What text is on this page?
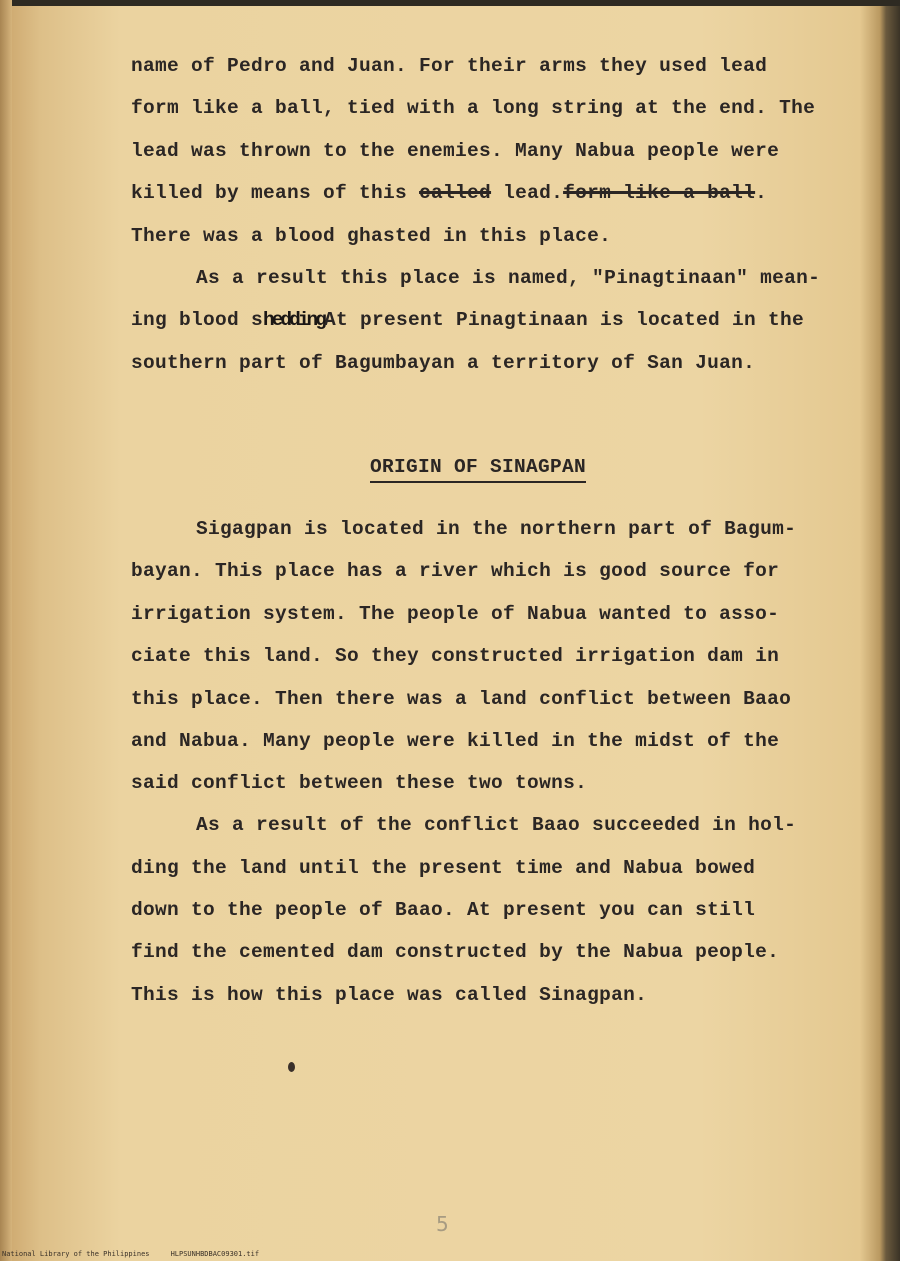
name of Pedro and Juan. For their arms they used lead

form like a ball, tied with a long string at the end. The

lead was thrown to the enemies. Many Nabua people were

killed by means of this called lead.form like a ball.

There was a blood ghasted in this place.

As a result this place is named, "Pinagtinaan" mean-

ing blood sheddingAt present Pinagtinaan is located in the

southern part of Bagumbayan a territory of San Juan.

ORIGIN OF SINAGPAN

Sigagpan is located in the northern part of Bagum-

bayan. This place has a river which is good source for

irrigation system. The people of Nabua wanted to asso-

ciate this land. So they constructed irrigation dam in

this place. Then there was a land conflict between Baao

and Nabua. Many people were killed in the midst of the

said conflict between these two towns.

As a result of the conflict Baao succeeded in hol-

ding the land until the present time and Nabua bowed

down to the people of Baao. At present you can still

find the cemented dam constructed by the Nabua people.

This is how this place was called Sinagpan.

5
National Library of the Philippines     HLPSUNHBDBAC09301.tif
